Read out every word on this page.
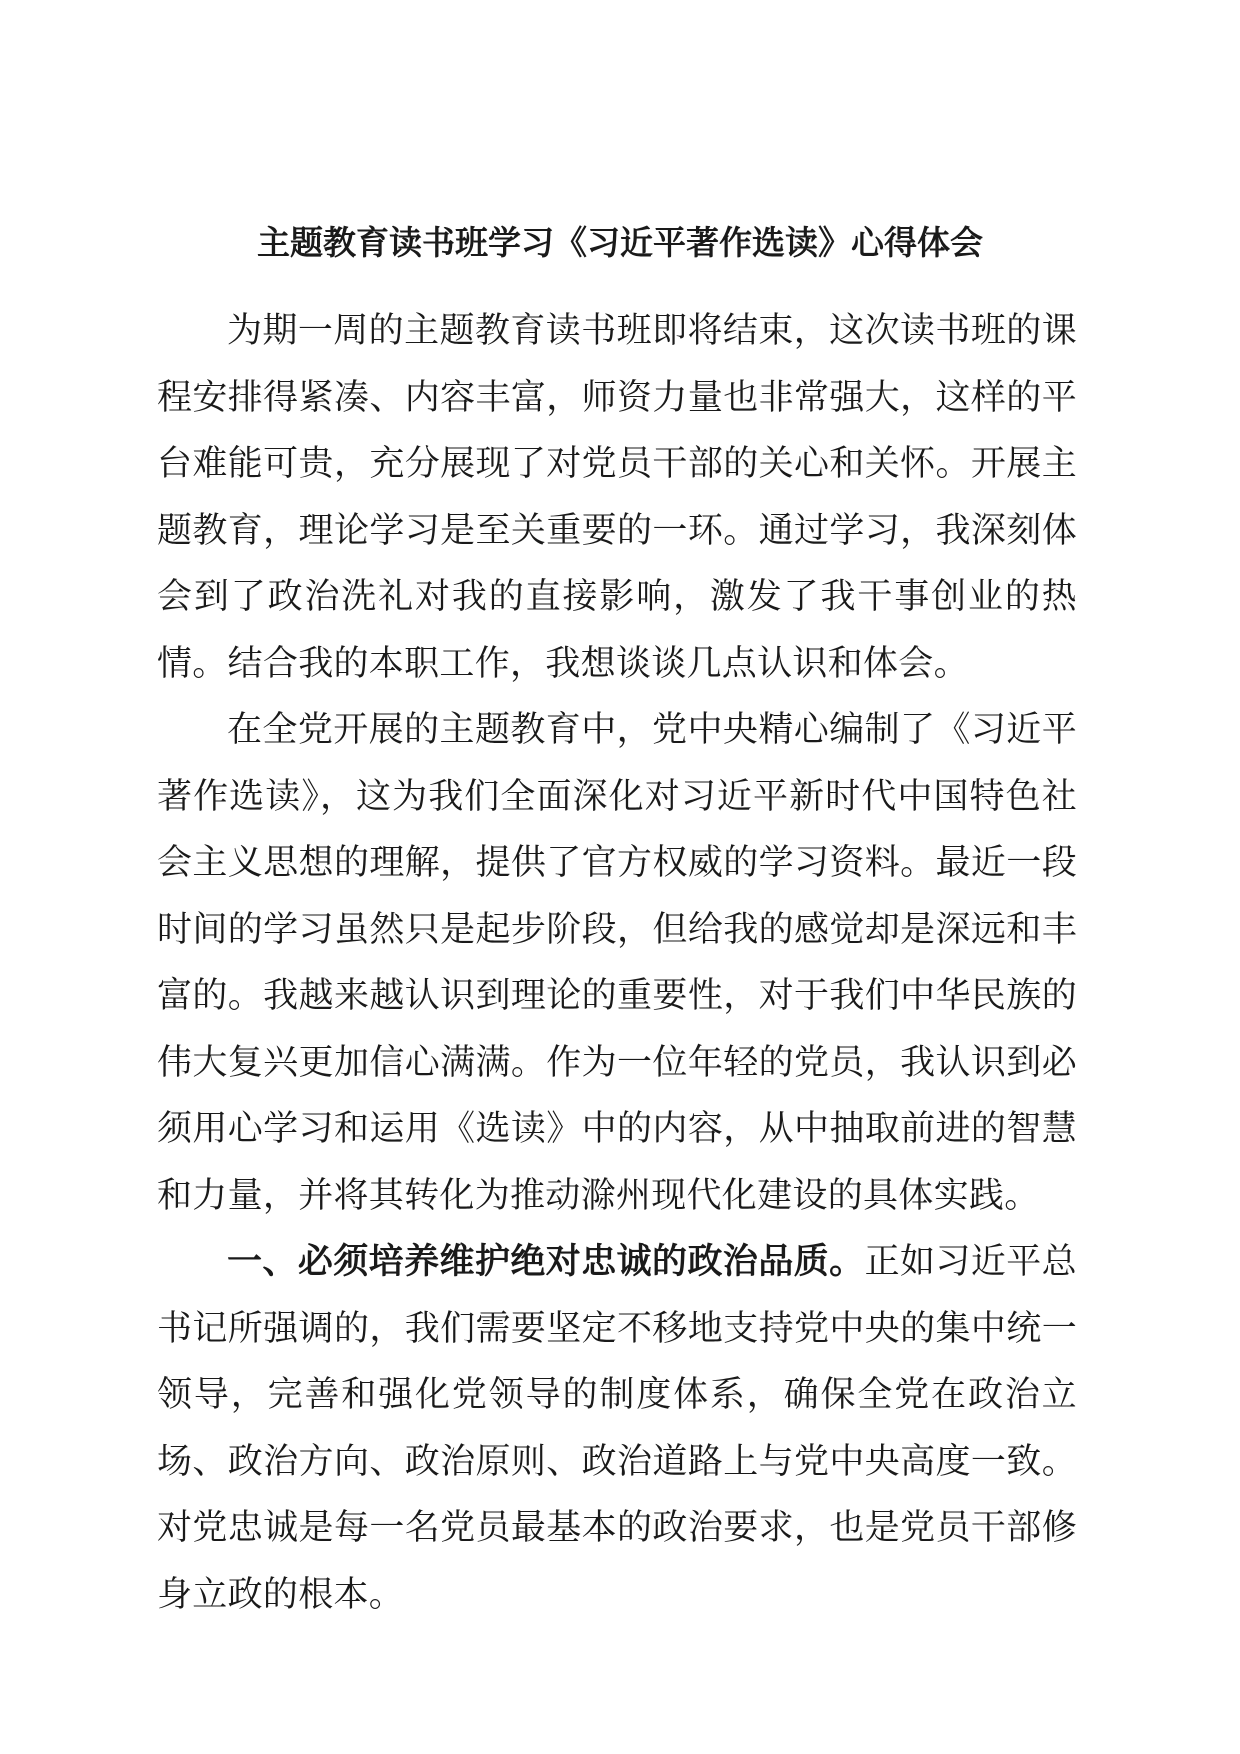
主题教育读书班学习《习近平著作选读》心得体会

为期一周的主题教育读书班即将结束，这次读书班的课程安排得紧凑、内容丰富，师资力量也非常强大，这样的平台难能可贵，充分展现了对党员干部的关心和关怀。开展主题教育，理论学习是至关重要的一环。通过学习，我深刻体会到了政治洗礼对我的直接影响，激发了我干事创业的热情。结合我的本职工作，我想谈谈几点认识和体会。

在全党开展的主题教育中，党中央精心编制了《习近平著作选读》，这为我们全面深化对习近平新时代中国特色社会主义思想的理解，提供了官方权威的学习资料。最近一段时间的学习虽然只是起步阶段，但给我的感觉却是深远和丰富的。我越来越认识到理论的重要性，对于我们中华民族的伟大复兴更加信心满满。作为一位年轻的党员，我认识到必须用心学习和运用《选读》中的内容，从中抽取前进的智慧和力量，并将其转化为推动滁州现代化建设的具体实践。

一、必须培养维护绝对忠诚的政治品质。正如习近平总书记所强调的，我们需要坚定不移地支持党中央的集中统一领导，完善和强化党领导的制度体系，确保全党在政治立场、政治方向、政治原则、政治道路上与党中央高度一致。对党忠诚是每一名党员最基本的政治要求，也是党员干部修身立政的根本。
